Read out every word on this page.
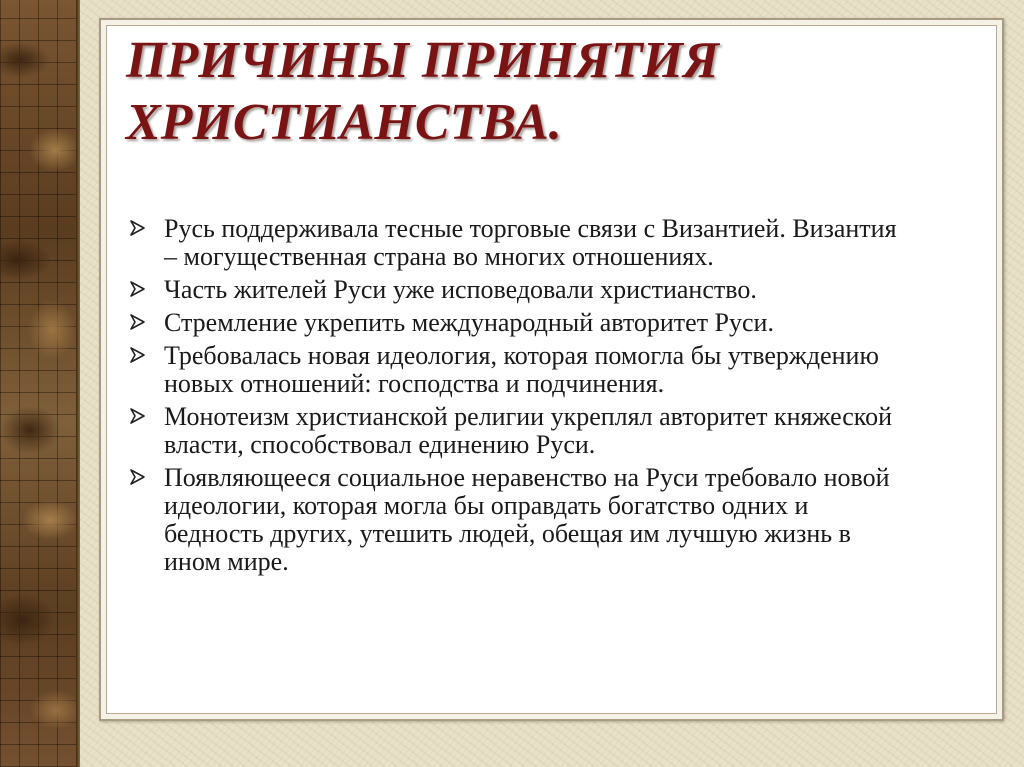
ПРИЧИНЫ ПРИНЯТИЯ
ХРИСТИАНСТВА.
Русь поддерживала тесные торговые связи с Византией. Византия
– могущественная страна во многих отношениях.
Часть жителей Руси уже исповедовали христианство.
Стремление укрепить международный авторитет Руси.
Требовалась новая идеология, которая помогла бы утверждению
новых отношений: господства и подчинения.
Монотеизм христианской религии укреплял авторитет княжеской
власти, способствовал единению Руси.
Появляющееся социальное неравенство на Руси требовало новой
идеологии, которая могла бы оправдать богатство одних и
бедность других, утешить людей, обещая им лучшую жизнь в
ином мире.
